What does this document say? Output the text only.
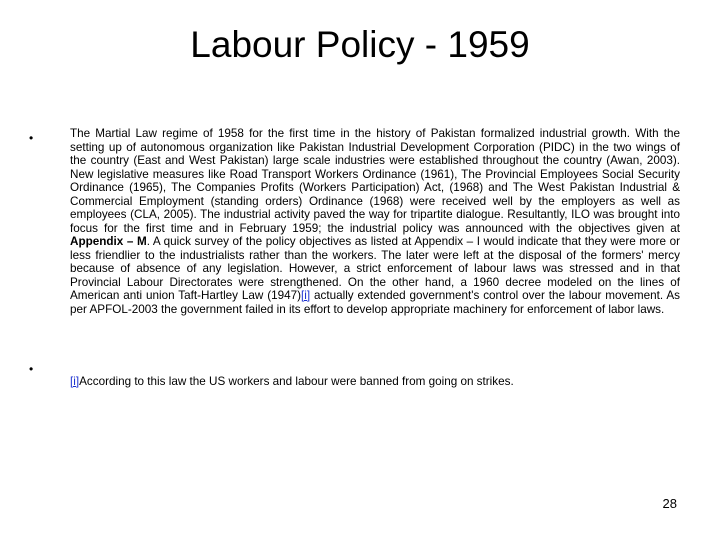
Labour Policy - 1959
•	The Martial Law regime of 1958 for the first time in the history of Pakistan formalized industrial growth. With the setting up of autonomous organization like Pakistan Industrial Development Corporation (PIDC) in the two wings of the country (East and West Pakistan) large scale industries were established throughout the country (Awan, 2003). New legislative measures like Road Transport Workers Ordinance (1961), The Provincial Employees Social Security Ordinance (1965), The Companies Profits (Workers Participation) Act, (1968) and The West Pakistan Industrial & Commercial Employment (standing orders) Ordinance (1968) were received well by the employers as well as employees (CLA, 2005). The industrial activity paved the way for tripartite dialogue. Resultantly, ILO was brought into focus for the first time and in February 1959; the industrial policy was announced with the objectives given at Appendix – M. A quick survey of the policy objectives as listed at Appendix – I would indicate that they were more or less friendlier to the industrialists rather than the workers. The later were left at the disposal of the formers' mercy because of absence of any legislation. However, a strict enforcement of labour laws was stressed and in that Provincial Labour Directorates were strengthened. On the other hand, a 1960 decree modeled on the lines of American anti union Taft-Hartley Law (1947)[i] actually extended government's control over the labour movement. As per APFOL-2003 the government failed in its effort to develop appropriate machinery for enforcement of labor laws.
•
[i]According to this law the US workers and labour were banned from going on strikes.
28
